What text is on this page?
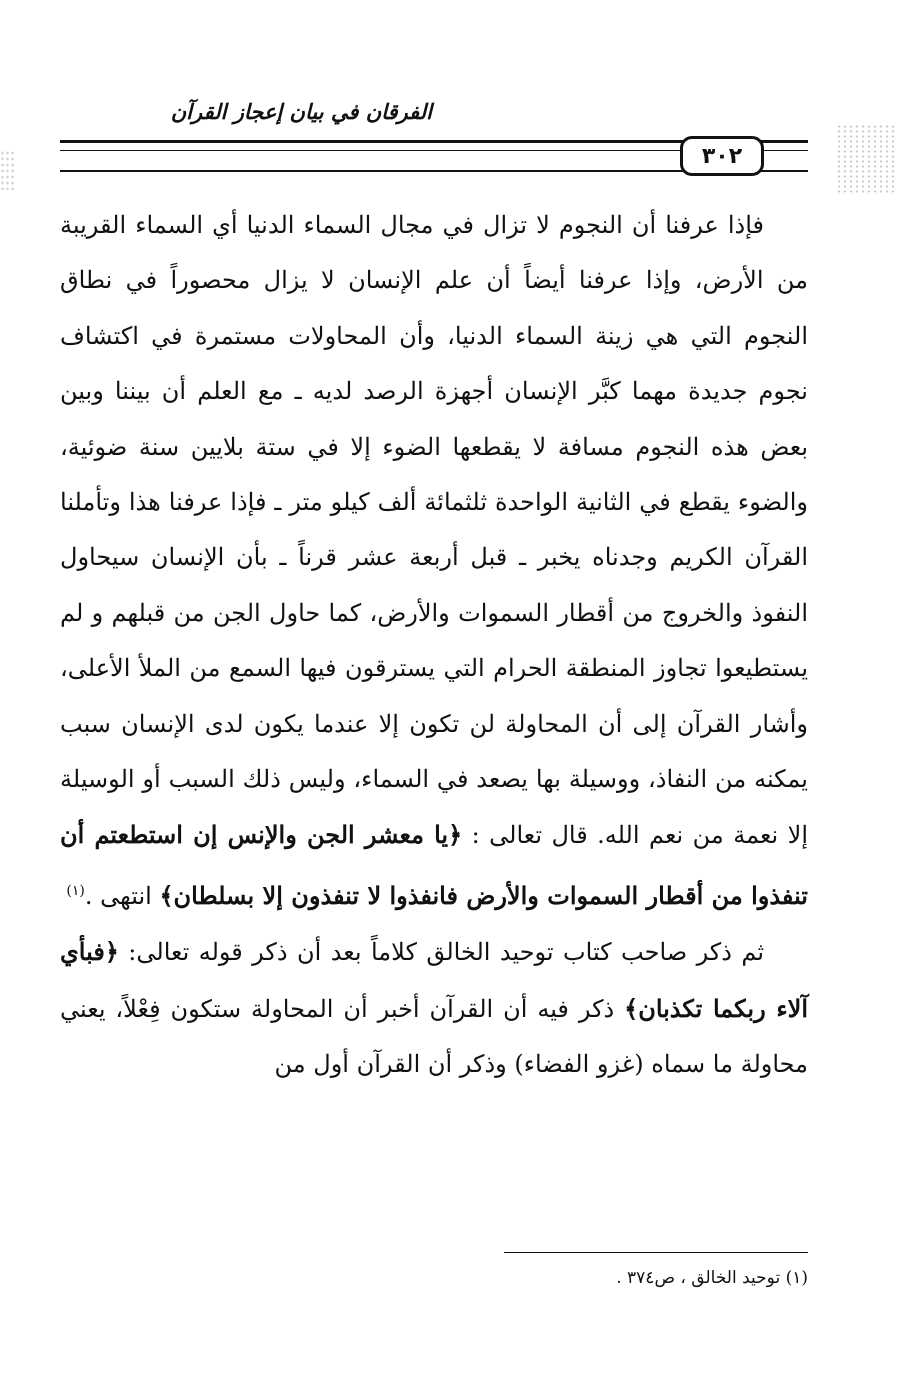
الفرقان في بيان إعجاز القرآن
٣٠٢

فإذا عرفنا أن النجوم لا تزال في مجال السماء الدنيا أي السماء القريبة من الأرض، وإذا عرفنا أيضاً أن علم الإنسان لا يزال محصوراً في نطاق النجوم التي هي زينة السماء الدنيا، وأن المحاولات مستمرة في اكتشاف نجوم جديدة مهما كبَّر الإنسان أجهزة الرصد لديه ـ مع العلم أن بيننا وبين بعض هذه النجوم مسافة لا يقطعها الضوء إلا في ستة بلايين سنة ضوئية، والضوء يقطع في الثانية الواحدة ثلثمائة ألف كيلو متر ـ فإذا عرفنا هذا وتأملنا القرآن الكريم وجدناه يخبر ـ قبل أربعة عشر قرناً ـ بأن الإنسان سيحاول النفوذ والخروج من أقطار السموات والأرض، كما حاول الجن من قبلهم و لم يستطيعوا تجاوز المنطقة الحرام التي يسترقون فيها السمع من الملأ الأعلى، وأشار القرآن إلى أن المحاولة لن تكون إلا عندما يكون لدى الإنسان سبب يمكنه من النفاذ، ووسيلة بها يصعد في السماء، وليس ذلك السبب أو الوسيلة إلا نعمة من نعم الله. قال تعالى : ﴿يا معشر الجن والإنس إن استطعتم أن تنفذوا من أقطار السموات والأرض فانفذوا لا تنفذون إلا بسلطان﴾ انتهى .$^{(١)}$

ثم ذكر صاحب كتاب توحيد الخالق كلاماً بعد أن ذكر قوله تعالى: ﴿فبأي آلاء ربكما تكذبان﴾ ذكر فيه أن القرآن أخبر أن المحاولة ستكون فِعْلاً، يعني محاولة ما سماه (غزو الفضاء) وذكر أن القرآن أول من

(١) توحيد الخالق ، ص٣٧٤ .
